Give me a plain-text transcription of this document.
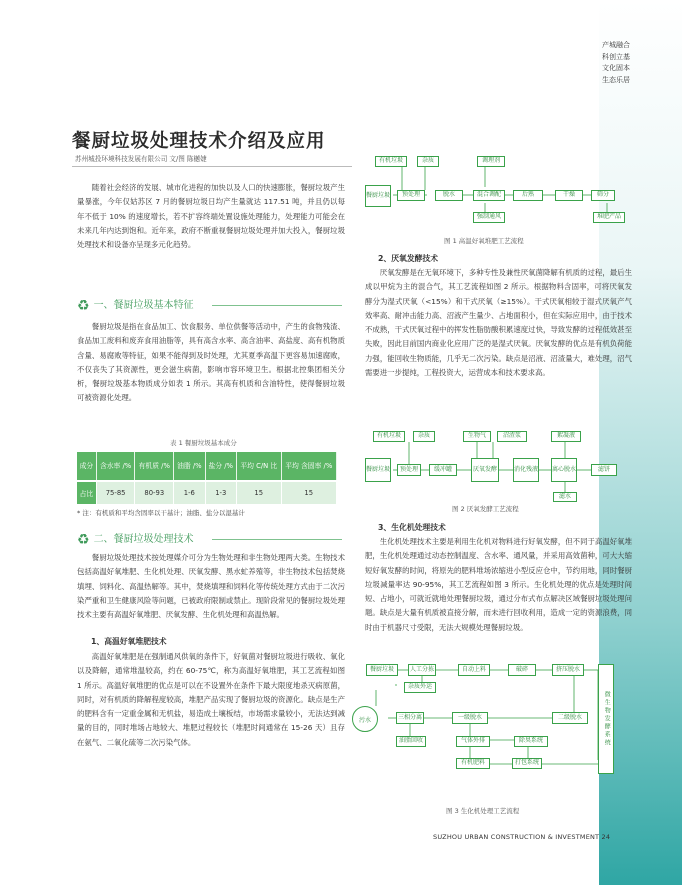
产城融合
科创立基
文化固本
生态乐居
餐厨垃圾处理技术介绍及应用
苏州城投环境科技发展有限公司 文/图 陈樾婕
随着社会经济的发展、城市化进程的加快以及人口的快速膨胀，餐厨垃圾产生量暴涨，今年仅姑苏区 7 月的餐厨垃圾日均产生量就达 117.51 吨，并且仍以每年不低于 10% 的速度增长，若不扩容终端处置设施处理能力，处理能力可能会在未来几年内达到饱和。近年来，政府不断重视餐厨垃圾处理并加大投入，餐厨垃圾处理技术和设备亦呈现多元化趋势。
♻ 一、餐厨垃圾基本特征
餐厨垃圾是指在食品加工、饮食服务、单位供餐等活动中，产生的食物残渣、食品加工废料和废弃食用油脂等，具有高含水率、高含油率、高盐度、高有机物质含量、易腐败等特征，如果不能得到及时处理，尤其夏季高温下更容易加速腐败，不仅丧失了其资源性，更会滋生病菌，影响市容环境卫生。根据北控集团相关分析，餐厨垃圾基本物质成分如表 1 所示。其高有机质和含油特性，使得餐厨垃圾可被资源化处理。
表 1 餐厨垃圾基本成分
成分	含水率 /%	有机质 /%	油脂 /%	盐分 /%	平均 C/N 比	平均 含固率 /%
占比	75-85	80-93	1-6	1-3	15	15
* 注：有机质和平均含固率以干基计；油脂、盐分以湿基计
♻ 二、餐厨垃圾处理技术
餐厨垃圾处理技术按处理媒介可分为生物处理和非生物处理两大类。生物技术包括高温好氧堆肥、生化机处理、厌氧发酵、黑水虻养殖等，非生物技术包括焚烧填埋、饲料化、高温热解等。其中，焚烧填埋和饲料化等传统处理方式由于二次污染严重和卫生健康风险等问题，已被政府限制或禁止。现阶段常见的餐厨垃圾处理技术主要有高温好氧堆肥、厌氧发酵、生化机处理和高温热解。
1、高温好氧堆肥技术
高温好氧堆肥是在强制通风供氧的条件下，好氧菌对餐厨垃圾进行吸收、氧化以及降解，通常堆温较高，约在 60-75℃，称为高温好氧堆肥，其工艺流程如图 1 所示。高温好氧堆肥的优点是可以在不设置外在条件下最大限度地杀灭病原菌，同时，对有机质的降解程度较高，堆肥产品实现了餐厨垃圾的资源化。缺点是生产的肥料含有一定重金属和无机盐，易造成土壤板结，市场需求量较小，无法达到减量的目的，同时堆场占地较大、堆肥过程较长（堆肥时间通常在 15-26 天）且存在氨气、二氧化硫等二次污染气体。
有机垃圾	杂质	调理剂
餐厨垃圾	预处理	脱水	混合调配	后熟	干燥	筛分
强制通风	堆肥产品
图 1 高温好氧堆肥工艺流程
2、厌氧发酵技术
厌氧发酵是在无氧环境下，多种专性及兼性厌氧菌降解有机质的过程，最后生成以甲烷为主的混合气，其工艺流程如图 2 所示。根据物料含固率，可将厌氧发酵分为湿式厌氧（<15%）和干式厌氧（≥15%）。干式厌氧相较于湿式厌氧产气效率高、耐冲击能力高、沼液产生量少、占地面积小，但在实际应用中，由于技术不成熟，干式厌氧过程中的挥发性脂肪酸积累速度过快，导致发酵的过程低效甚至失败，因此目前国内商业化应用广泛的是湿式厌氧。厌氧发酵的优点是有机负荷能力强，能回收生物质能，几乎无二次污染。缺点是沼液、沼渣量大，难处理，沼气需要进一步提纯，工程投资大，运营成本和技术要求高。
有机垃圾	杂质	生物气	沼渣浆	絮凝液
餐厨垃圾	预处理	缓冲罐	厌氧发酵	消化残液 离心脱水	滤饼
滤水
图 2 厌氧发酵工艺流程
3、生化机处理技术
生化机处理技术主要是利用生化机对物料进行好氧发酵，但不同于高温好氧堆肥，生化机处理通过动态控制温度、含水率、通风量，并采用高效菌种，可大大缩短好氧发酵的时间，将原先的肥料堆场浓缩进小型反应仓中，节约用地，同时餐厨垃圾减量率达 90-95%，其工艺流程如图 3 所示。生化机处理的优点是处理时间短、占地小，可就近就地处理餐厨垃圾，通过分布式布点解决区域餐厨垃圾处理问题。缺点是大量有机质被直接分解，而未进行回收利用，造成一定的资源浪费，同时由于机器尺寸受限，无法大规模处理餐厨垃圾。
餐厨垃圾	人工分拣	自动上料	破碎	挤压脱水
杂质外运
污水	三相分离	一级脱水	二级脱水
油脂回收	气体外排	除臭系统
有机肥料	打包系统
微生物发酵系统
图 3 生化机处理工艺流程
SUZHOU URBAN CONSTRUCTION & INVESTMENT 24
